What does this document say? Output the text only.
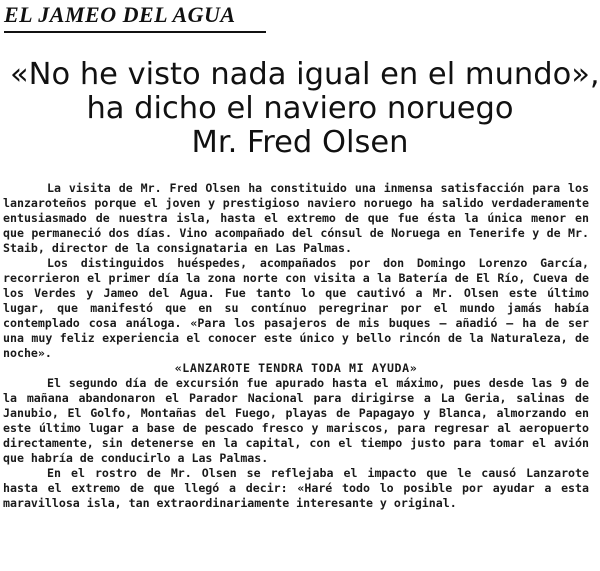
EL JAMEO DEL AGUA
«No he visto nada igual en el mundo»,
ha dicho el naviero noruego
Mr. Fred Olsen

La visita de Mr. Fred Olsen ha constituido una inmensa satisfacción para los lanzaroteños porque el joven y prestigioso naviero noruego ha salido verdaderamente entusiasmado de nuestra isla, hasta el extremo de que fue ésta la única menor en que permaneció dos días. Vino acompañado del cónsul de Noruega en Tenerife y de Mr. Staib, director de la consignataria en Las Palmas.

Los distinguidos huéspedes, acompañados por don Domingo Lorenzo García, recorrieron el primer día la zona norte con visita a la Batería de El Río, Cueva de los Verdes y Jameo del Agua. Fue tanto lo que cautivó a Mr. Olsen este último lugar, que manifestó que en su contínuo peregrinar por el mundo jamás había contemplado cosa análoga. «Para los pasajeros de mis buques — añadió — ha de ser una muy feliz experiencia el conocer este único y bello rincón de la Naturaleza, de noche».

«LANZAROTE TENDRA TODA MI AYUDA»

El segundo día de excursión fue apurado hasta el máximo, pues desde las 9 de la mañana abandonaron el Parador Nacional para dirigirse a La Geria, salinas de Janubio, El Golfo, Montañas del Fuego, playas de Papagayo y Blanca, almorzando en este último lugar a base de pescado fresco y mariscos, para regresar al aeropuerto directamente, sin detenerse en la capital, con el tiempo justo para tomar el avión que habría de conducirlo a Las Palmas.

En el rostro de Mr. Olsen se reflejaba el impacto que le causó Lanzarote hasta el extremo de que llegó a decir: «Haré todo lo posible por ayudar a esta maravillosa isla, tan extraordinariamente interesante y original.
